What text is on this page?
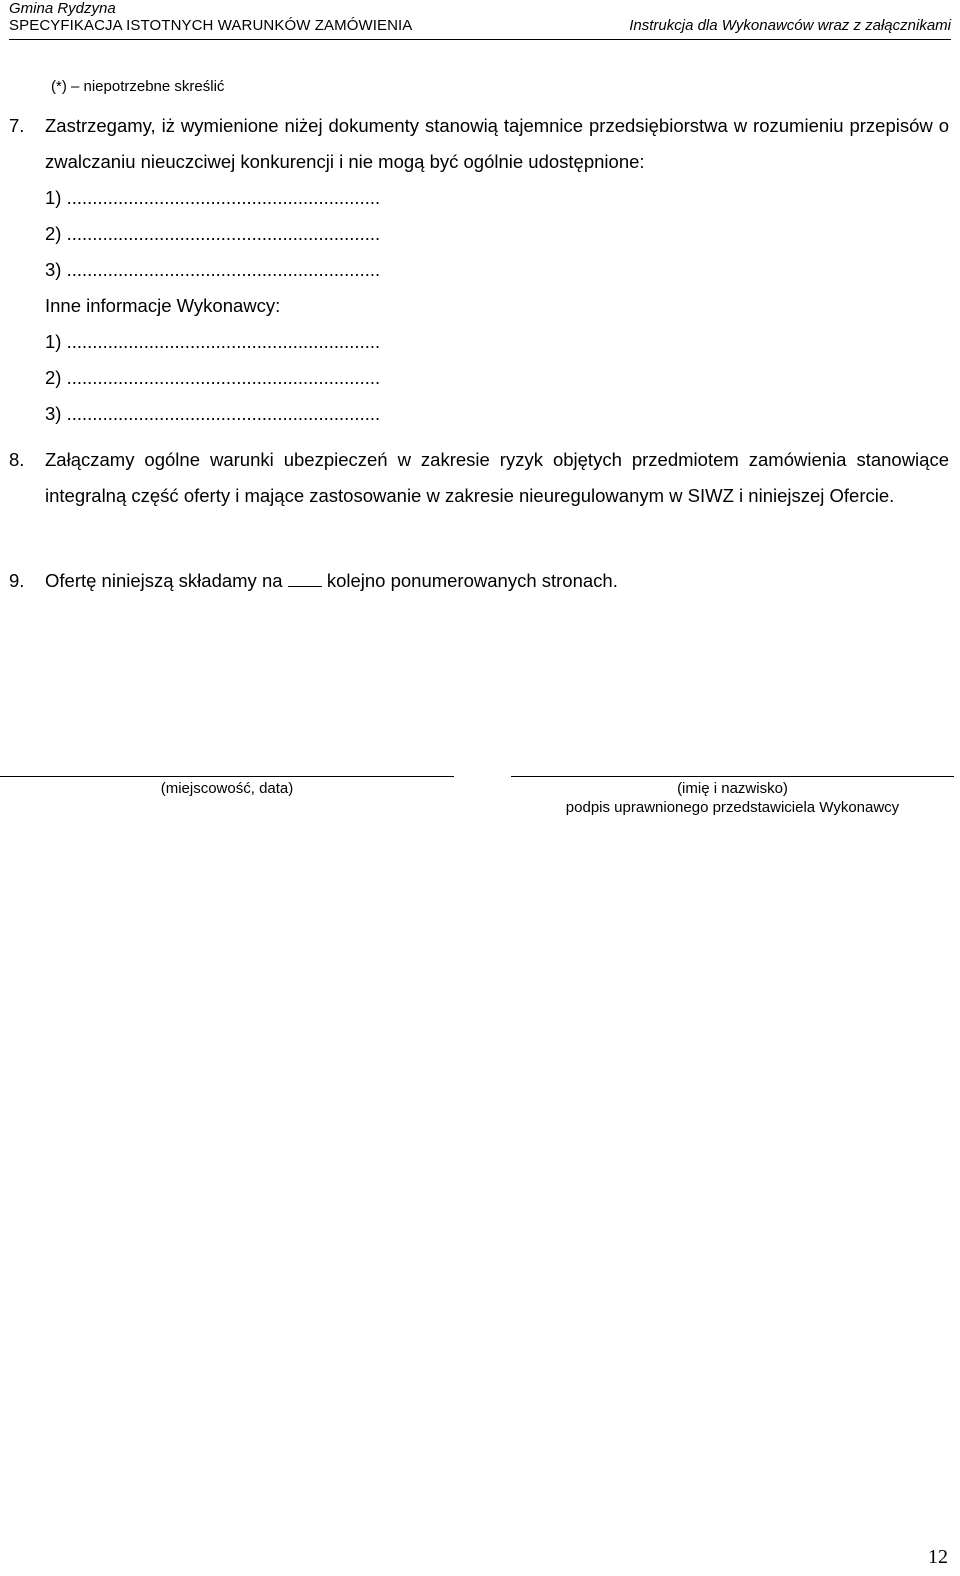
Gmina Rydzyna
SPECYFIKACJA ISTOTNYCH WARUNKÓW ZAMÓWIENIA	Instrukcja dla Wykonawców wraz z załącznikami
(*) – niepotrzebne skreślić
7. Zastrzegamy, iż wymienione niżej dokumenty stanowią tajemnice przedsiębiorstwa w rozumieniu przepisów o zwalczaniu nieuczciwej konkurencji i nie mogą być ogólnie udostępnione:
1) .............................................................
2) .............................................................
3) .............................................................
Inne informacje Wykonawcy:
1) .............................................................
2) .............................................................
3) .............................................................
8. Załączamy ogólne warunki ubezpieczeń w zakresie ryzyk objętych przedmiotem zamówienia stanowiące integralną część oferty i mające zastosowanie w zakresie nieuregulowanym w SIWZ i niniejszej Ofercie.
9. Ofertę niniejszą składamy na kolejno ponumerowanych stronach.
(miejscowość, data)	(imię i nazwisko)
podpis uprawnionego przedstawiciela Wykonawcy
12
